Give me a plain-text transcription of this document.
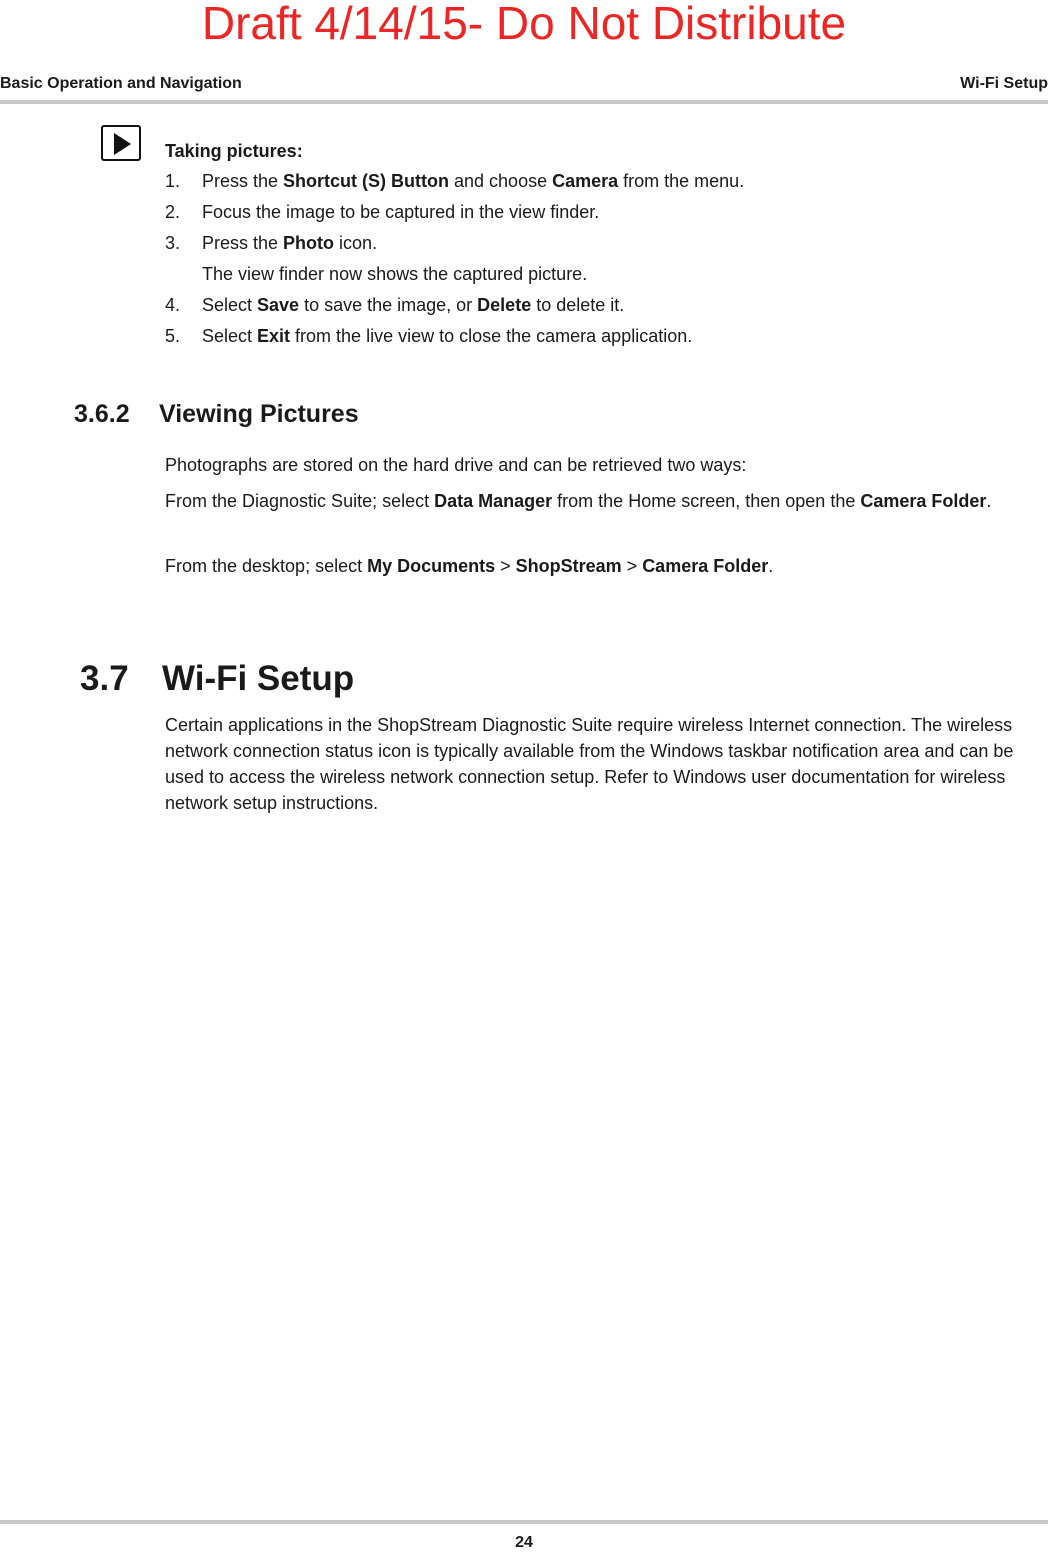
Draft 4/14/15- Do Not Distribute
Basic Operation and Navigation	Wi-Fi Setup
Taking pictures:
1. Press the Shortcut (S) Button and choose Camera from the menu.
2. Focus the image to be captured in the view finder.
3. Press the Photo icon.
The view finder now shows the captured picture.
4. Select Save to save the image, or Delete to delete it.
5. Select Exit from the live view to close the camera application.
3.6.2 Viewing Pictures
Photographs are stored on the hard drive and can be retrieved two ways:
From the Diagnostic Suite; select Data Manager from the Home screen, then open the Camera Folder.
From the desktop; select My Documents > ShopStream > Camera Folder.
3.7 Wi-Fi Setup
Certain applications in the ShopStream Diagnostic Suite require wireless Internet connection. The wireless network connection status icon is typically available from the Windows taskbar notification area and can be used to access the wireless network connection setup. Refer to Windows user documentation for wireless network setup instructions.
24
